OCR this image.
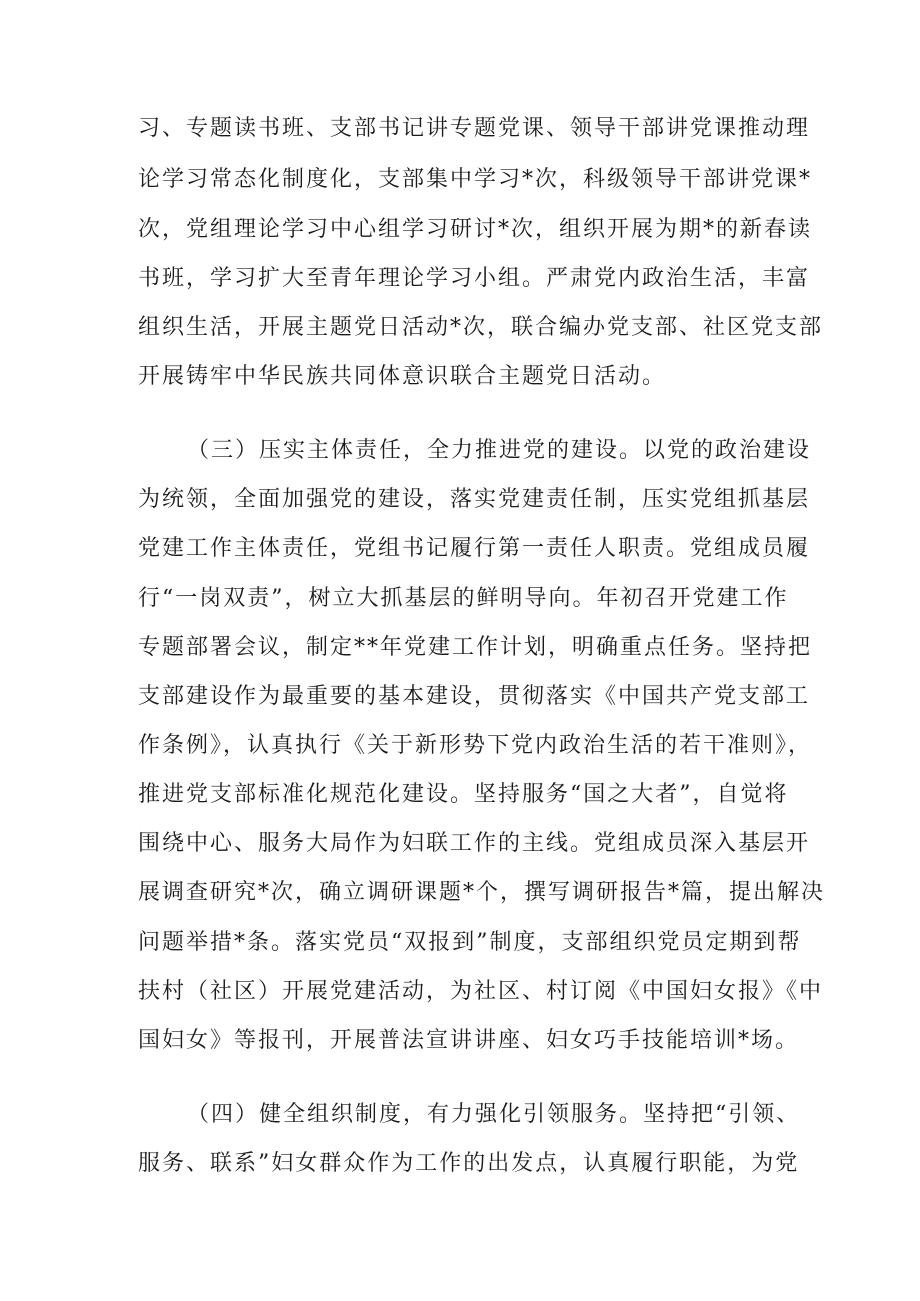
习、专题读书班、支部书记讲专题党课、领导干部讲党课推动理

论学习常态化制度化，支部集中学习*次，科级领导干部讲党课*

次，党组理论学习中心组学习研讨*次，组织开展为期*的新春读

书班，学习扩大至青年理论学习小组。严肃党内政治生活，丰富

组织生活，开展主题党日活动*次，联合编办党支部、社区党支部

开展铸牢中华民族共同体意识联合主题党日活动。

（三）压实主体责任，全力推进党的建设。以党的政治建设

为统领，全面加强党的建设，落实党建责任制，压实党组抓基层

党建工作主体责任，党组书记履行第一责任人职责。党组成员履

行“一岗双责”，树立大抓基层的鲜明导向。年初召开党建工作

专题部署会议，制定**年党建工作计划，明确重点任务。坚持把

支部建设作为最重要的基本建设，贯彻落实《中国共产党支部工

作条例》，认真执行《关于新形势下党内政治生活的若干准则》，

推进党支部标准化规范化建设。坚持服务“国之大者”，自觉将

围绕中心、服务大局作为妇联工作的主线。党组成员深入基层开

展调查研究*次，确立调研课题*个，撰写调研报告*篇，提出解决

问题举措*条。落实党员“双报到”制度，支部组织党员定期到帮

扶村（社区）开展党建活动，为社区、村订阅《中国妇女报》《中

国妇女》等报刊，开展普法宣讲讲座、妇女巧手技能培训*场。

（四）健全组织制度，有力强化引领服务。坚持把“引领、

服务、联系”妇女群众作为工作的出发点，认真履行职能，为党
